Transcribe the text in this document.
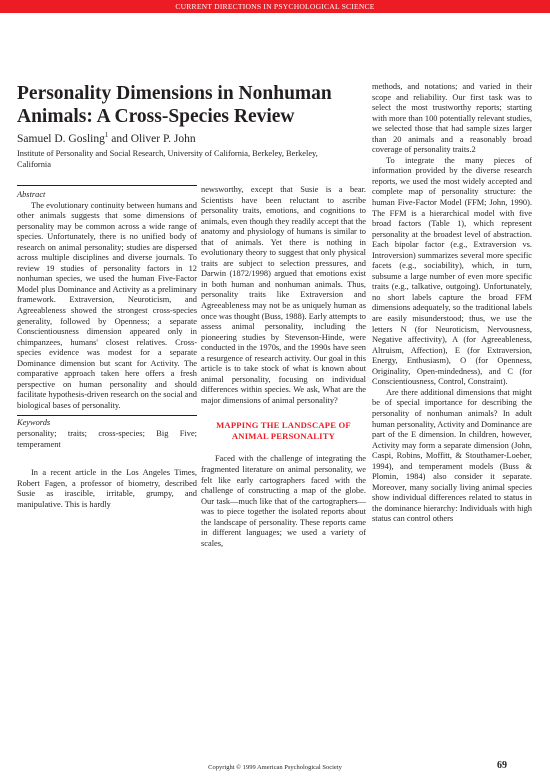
CURRENT DIRECTIONS IN PSYCHOLOGICAL SCIENCE
Personality Dimensions in Nonhuman Animals: A Cross-Species Review
Samuel D. Gosling$^1$ and Oliver P. John
Institute of Personality and Social Research, University of California, Berkeley, Berkeley, California
Abstract

The evolutionary continuity between humans and other animals suggests that some dimensions of personality may be common across a wide range of species. Unfortunately, there is no unified body of research on animal personality; studies are dispersed across multiple disciplines and diverse journals. To review 19 studies of personality factors in 12 nonhuman species, we used the human Five-Factor Model plus Dominance and Activity as a preliminary framework. Extraversion, Neuroticism, and Agreeableness showed the strongest cross-species generality, followed by Openness; a separate Conscientiousness dimension appeared only in chimpanzees, humans' closest relatives. Cross-species evidence was modest for a separate Dominance dimension but scant for Activity. The comparative approach taken here offers a fresh perspective on human personality and should facilitate hypothesis-driven research on the social and biological bases of personality.

Keywords

personality; traits; cross-species; Big Five; temperament

In a recent article in the Los Angeles Times, Robert Fagen, a professor of biometry, described Susie as irascible, irritable, grumpy, and manipulative. This is hardly

newsworthy, except that Susie is a bear. Scientists have been reluctant to ascribe personality traits, emotions, and cognitions to animals, even though they readily accept that the anatomy and physiology of humans is similar to that of animals. Yet there is nothing in evolutionary theory to suggest that only physical traits are subject to selection pressures, and Darwin (1872/1998) argued that emotions exist in both human and nonhuman animals. Thus, personality traits like Extraversion and Agreeableness may not be as uniquely human as once was thought (Buss, 1988). Early attempts to assess animal personality, including the pioneering studies by Stevenson-Hinde, were conducted in the 1970s, and the 1990s have seen a resurgence of research activity. Our goal in this article is to take stock of what is known about animal personality, focusing on individual differences within species. We ask, What are the major dimensions of animal personality?

MAPPING THE LANDSCAPE OF ANIMAL PERSONALITY

Faced with the challenge of integrating the fragmented literature on animal personality, we felt like early cartographers faced with the challenge of constructing a map of the globe. Our task—much like that of the cartographers—was to piece together the isolated reports about the landscape of personality. These reports came in different languages; we used a variety of scales,

methods, and notations; and varied in their scope and reliability. Our first task was to select the most trustworthy reports; starting with more than 100 potentially relevant studies, we selected those that had sample sizes larger than 20 animals and a reasonably broad coverage of personality traits.2

To integrate the many pieces of information provided by the diverse research reports, we used the most widely accepted and complete map of personality structure: the human Five-Factor Model (FFM; John, 1990). The FFM is a hierarchical model with five broad factors (Table 1), which represent personality at the broadest level of abstraction. Each bipolar factor (e.g., Extraversion vs. Introversion) summarizes several more specific facets (e.g., sociability), which, in turn, subsume a large number of even more specific traits (e.g., talkative, outgoing). Unfortunately, no short labels capture the broad FFM dimensions adequately, so the traditional labels are easily misunderstood; thus, we use the letters N (for Neuroticism, Nervousness, Negative affectivity), A (for Agreeableness, Altruism, Affection), E (for Extraversion, Energy, Enthusiasm), O (for Openness, Originality, Open-mindedness), and C (for Conscientiousness, Control, Constraint).

Are there additional dimensions that might be of special importance for describing the personality of nonhuman animals? In adult human personality, Activity and Dominance are part of the E dimension. In children, however, Activity may form a separate dimension (John, Caspi, Robins, Moffitt, & Stouthamer-Loeber, 1994), and temperament models (Buss & Plomin, 1984) also consider it separate. Moreover, many socially living animal species show individual differences related to status in the dominance hierarchy: Individuals with high status can control others

Copyright © 1999 American Psychological Society	69
